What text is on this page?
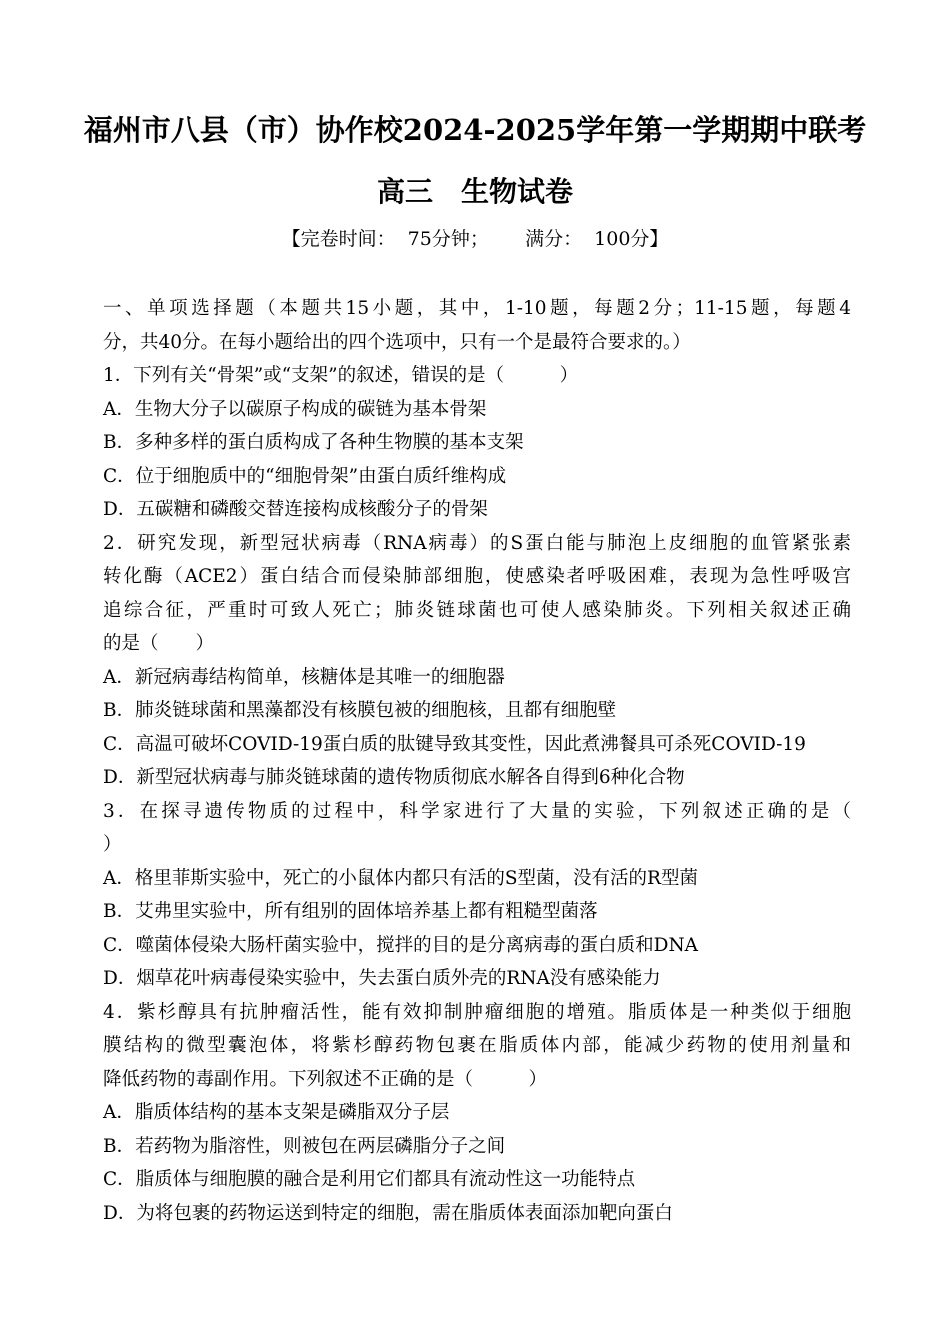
福州市八县（市）协作校2024-2025学年第一学期期中联考
高三　生物试卷
【完卷时间：  75分钟；      满分：  100分】
一、单项选择题（本题共15小题，其中，1-10题，每题2分；11-15题，每题4
分，共40分。在每小题给出的四个选项中，只有一个是最符合要求的。）
1．下列有关“骨架”或“支架”的叙述，错误的是（　　　）
A．生物大分子以碳原子构成的碳链为基本骨架
B．多种多样的蛋白质构成了各种生物膜的基本支架
C．位于细胞质中的“细胞骨架”由蛋白质纤维构成
D．五碳糖和磷酸交替连接构成核酸分子的骨架
2．研究发现，新型冠状病毒（RNA病毒）的S蛋白能与肺泡上皮细胞的血管紧张素
转化酶（ACE2）蛋白结合而侵染肺部细胞，使感染者呼吸困难，表现为急性呼吸宫
追综合征，严重时可致人死亡；肺炎链球菌也可使人感染肺炎。下列相关叙述正确
的是（　　）
A．新冠病毒结构简单，核糖体是其唯一的细胞器
B．肺炎链球菌和黑藻都没有核膜包被的细胞核，且都有细胞壁
C．高温可破坏COVID-19蛋白质的肽键导致其变性，因此煮沸餐具可杀死COVID-19
D．新型冠状病毒与肺炎链球菌的遗传物质彻底水解各自得到6种化合物
3．在探寻遗传物质的过程中，科学家进行了大量的实验，下列叙述正确的是（
）
A．格里菲斯实验中，死亡的小鼠体内都只有活的S型菌，没有活的R型菌
B．艾弗里实验中，所有组别的固体培养基上都有粗糙型菌落
C．噬菌体侵染大肠杆菌实验中，搅拌的目的是分离病毒的蛋白质和DNA
D．烟草花叶病毒侵染实验中，失去蛋白质外壳的RNA没有感染能力
4．紫杉醇具有抗肿瘤活性，能有效抑制肿瘤细胞的增殖。脂质体是一种类似于细胞
膜结构的微型囊泡体，将紫杉醇药物包裹在脂质体内部，能减少药物的使用剂量和
降低药物的毒副作用。下列叙述不正确的是（　　　）
A．脂质体结构的基本支架是磷脂双分子层
B．若药物为脂溶性，则被包在两层磷脂分子之间
C．脂质体与细胞膜的融合是利用它们都具有流动性这一功能特点
D．为将包裹的药物运送到特定的细胞，需在脂质体表面添加靶向蛋白
